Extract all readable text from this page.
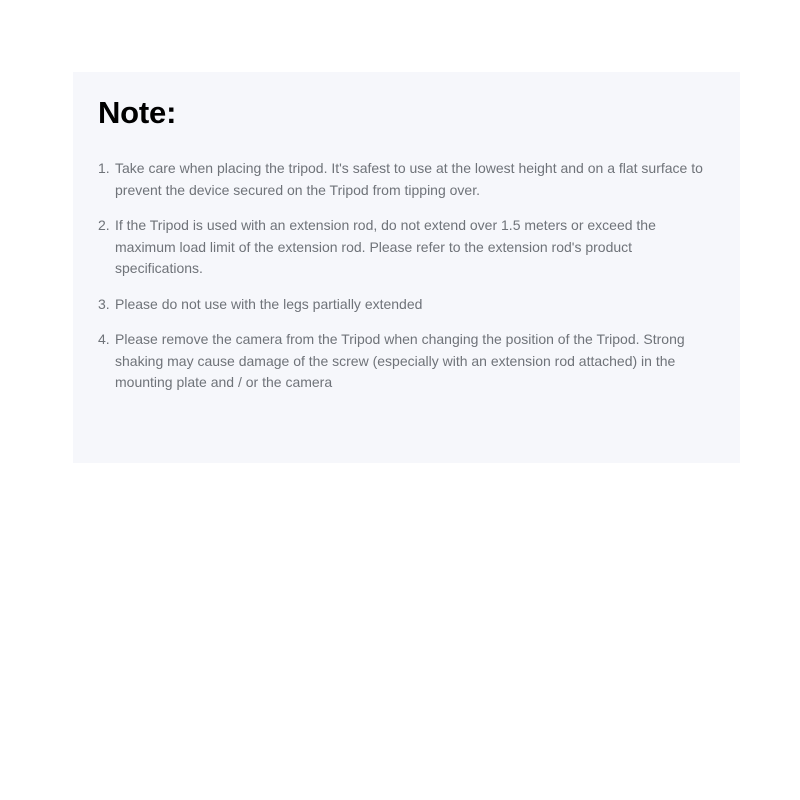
Note:
1. Take care when placing the tripod. It's safest to use at the lowest height and on a flat surface to prevent the device secured on the Tripod from tipping over.
2. If the Tripod is used with an extension rod, do not extend over 1.5 meters or exceed the maximum load limit of the extension rod. Please refer to the extension rod's product specifications.
3. Please do not use with the legs partially extended
4. Please remove the camera from the Tripod when changing the position of the Tripod. Strong shaking may cause damage of the screw (especially with an extension rod attached) in the mounting plate and / or the camera
